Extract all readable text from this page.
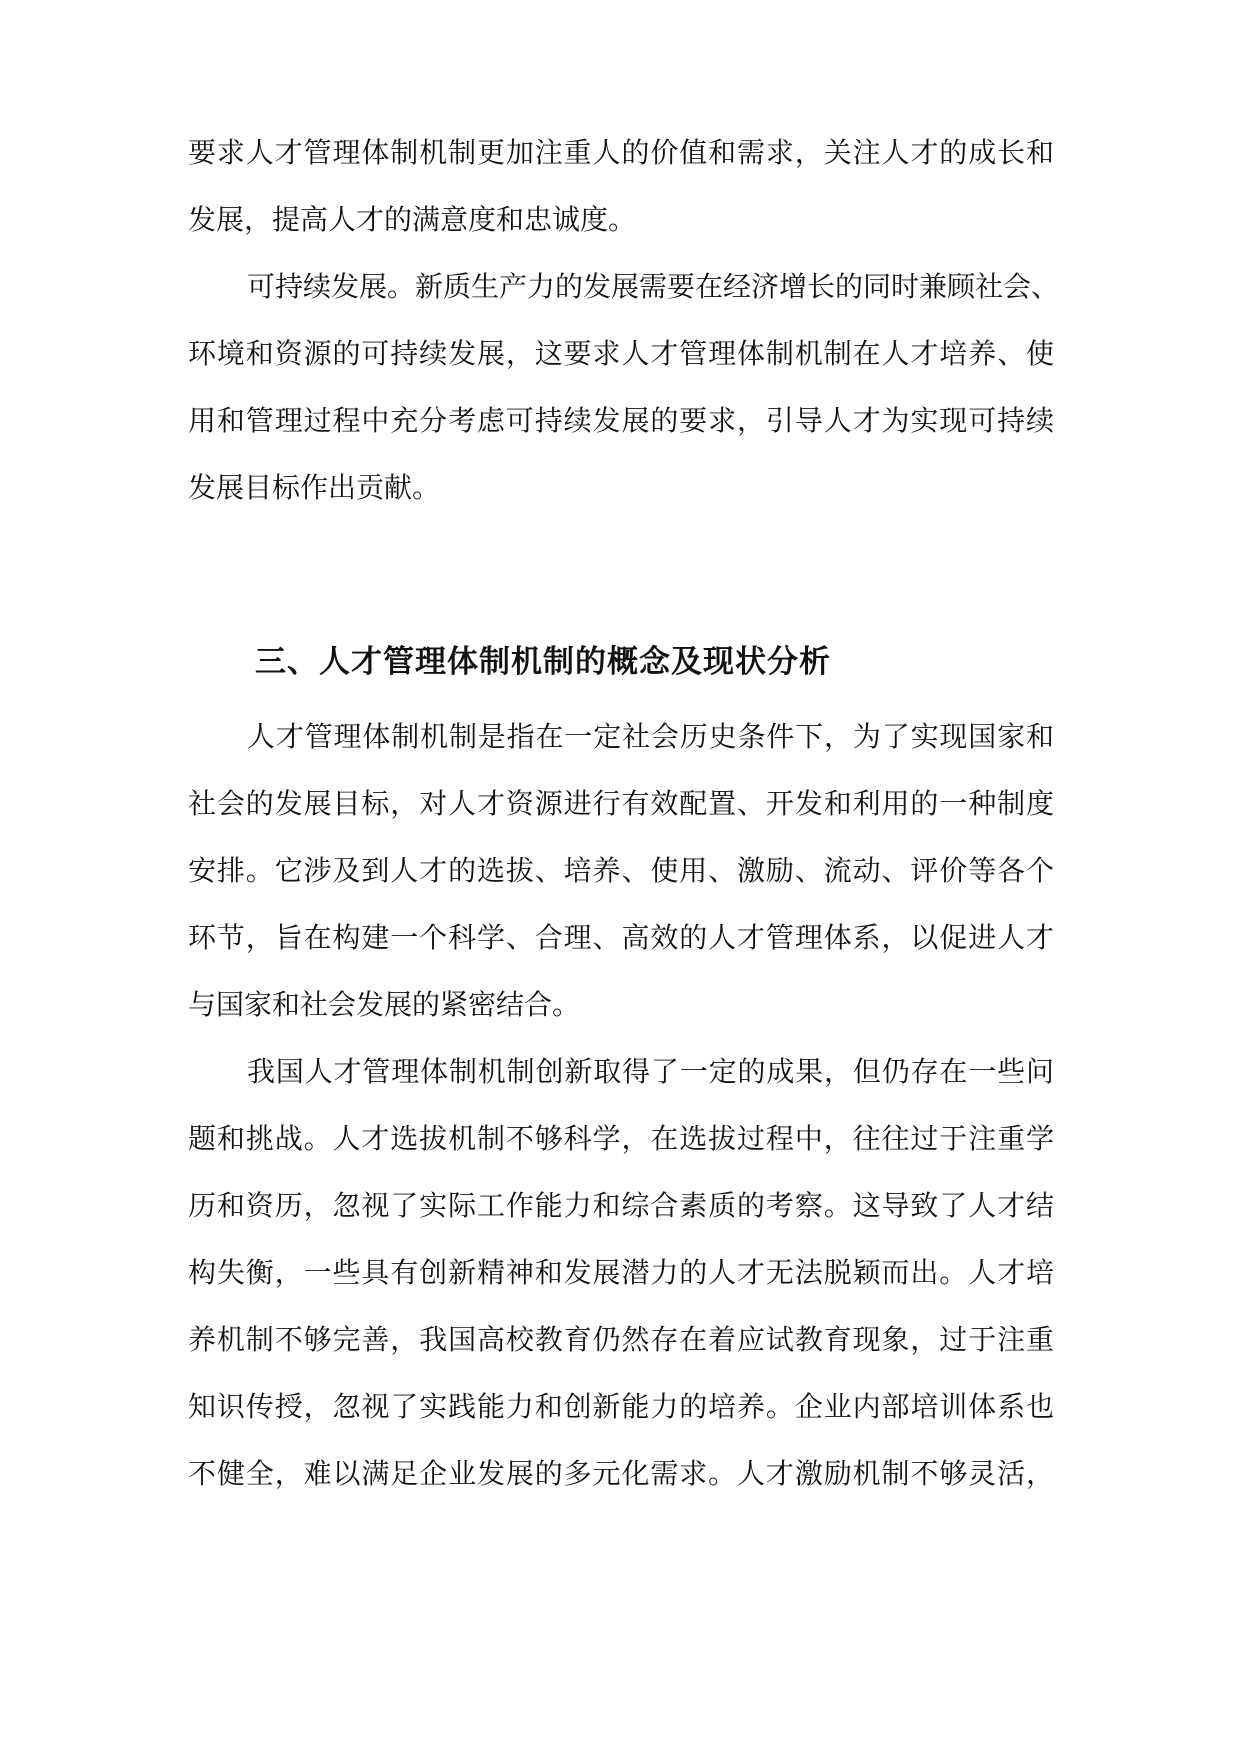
要求人才管理体制机制更加注重人的价值和需求，关注人才的成长和
发展，提高人才的满意度和忠诚度。
可持续发展。新质生产力的发展需要在经济增长的同时兼顾社会、
环境和资源的可持续发展，这要求人才管理体制机制在人才培养、使
用和管理过程中充分考虑可持续发展的要求，引导人才为实现可持续
发展目标作出贡献。
三、人才管理体制机制的概念及现状分析
人才管理体制机制是指在一定社会历史条件下，为了实现国家和
社会的发展目标，对人才资源进行有效配置、开发和利用的一种制度
安排。它涉及到人才的选拔、培养、使用、激励、流动、评价等各个
环节，旨在构建一个科学、合理、高效的人才管理体系，以促进人才
与国家和社会发展的紧密结合。
我国人才管理体制机制创新取得了一定的成果，但仍存在一些问
题和挑战。人才选拔机制不够科学，在选拔过程中，往往过于注重学
历和资历，忽视了实际工作能力和综合素质的考察。这导致了人才结
构失衡，一些具有创新精神和发展潜力的人才无法脱颖而出。人才培
养机制不够完善，我国高校教育仍然存在着应试教育现象，过于注重
知识传授，忽视了实践能力和创新能力的培养。企业内部培训体系也
不健全，难以满足企业发展的多元化需求。人才激励机制不够灵活，
